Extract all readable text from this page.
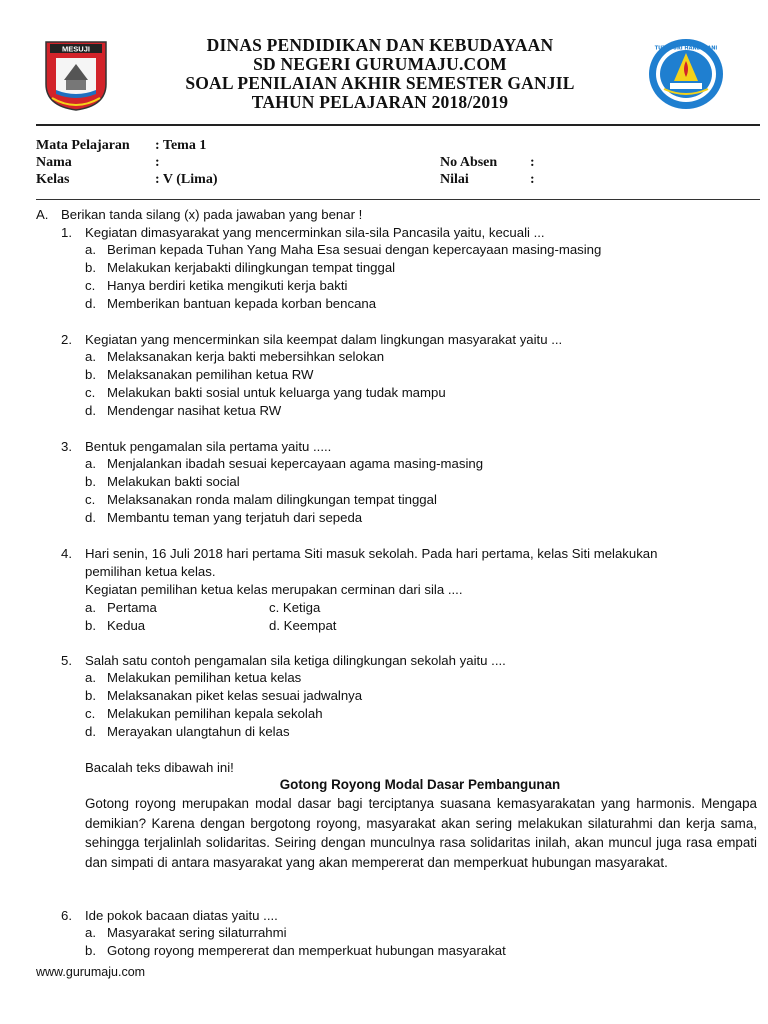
MESUJI	TUT WURI HANDAYANI
DINAS PENDIDIKAN DAN KEBUDAYAAN
SD NEGERI GURUMAJU.COM
SOAL PENILAIAN AKHIR SEMESTER GANJIL
TAHUN PELAJARAN 2018/2019
Mata Pelajaran : Tema 1
Nama	:
Kelas	: V (Lima)
No Absen :
Nilai	:
A. Berikan tanda silang (x) pada jawaban yang benar !
1. Kegiatan dimasyarakat yang mencerminkan sila-sila Pancasila yaitu, kecuali ...
a. Beriman kepada Tuhan Yang Maha Esa sesuai dengan kepercayaan masing-masing
b. Melakukan kerjabakti dilingkungan tempat tinggal
c. Hanya berdiri ketika mengikuti kerja bakti
d. Memberikan bantuan kepada korban bencana
2. Kegiatan yang mencerminkan sila keempat dalam lingkungan masyarakat yaitu ...
a. Melaksanakan kerja bakti mebersihkan selokan
b. Melaksanakan pemilihan ketua RW
c. Melakukan bakti sosial untuk keluarga yang tudak mampu
d. Mendengar nasihat ketua RW
3. Bentuk pengamalan sila pertama yaitu .....
a. Menjalankan ibadah sesuai kepercayaan agama masing-masing
b. Melakukan bakti social
c. Melaksanakan ronda malam dilingkungan tempat tinggal
d. Membantu teman yang terjatuh dari sepeda
4. Hari senin, 16 Juli 2018 hari pertama Siti masuk sekolah. Pada hari pertama, kelas Siti melakukan
pemilihan ketua kelas.
Kegiatan pemilihan ketua kelas merupakan cerminan dari sila ....
a. Pertama
b. Kedua
c. Ketiga
d. Keempat
5. Salah satu contoh pengamalan sila ketiga dilingkungan sekolah yaitu ....
a. Melakukan pemilihan ketua kelas
b. Melaksanakan piket kelas sesuai jadwalnya
c. Melakukan pemilihan kepala sekolah
d. Merayakan ulangtahun di kelas
Bacalah teks dibawah ini!
Gotong Royong Modal Dasar Pembangunan
Gotong royong merupakan modal dasar bagi terciptanya suasana kemasyarakatan yang harmonis. Mengapa demikian? Karena dengan bergotong royong, masyarakat akan sering melakukan silaturahmi dan kerja sama, sehingga terjalinlah solidaritas. Seiring dengan munculnya rasa solidaritas inilah, akan muncul juga rasa empati dan simpati di antara masyarakat yang akan mempererat dan memperkuat hubungan masyarakat.
6. Ide pokok bacaan diatas yaitu ....
a. Masyarakat sering silaturrahmi
b. Gotong royong mempererat dan memperkuat hubungan masyarakat
www.gurumaju.com
